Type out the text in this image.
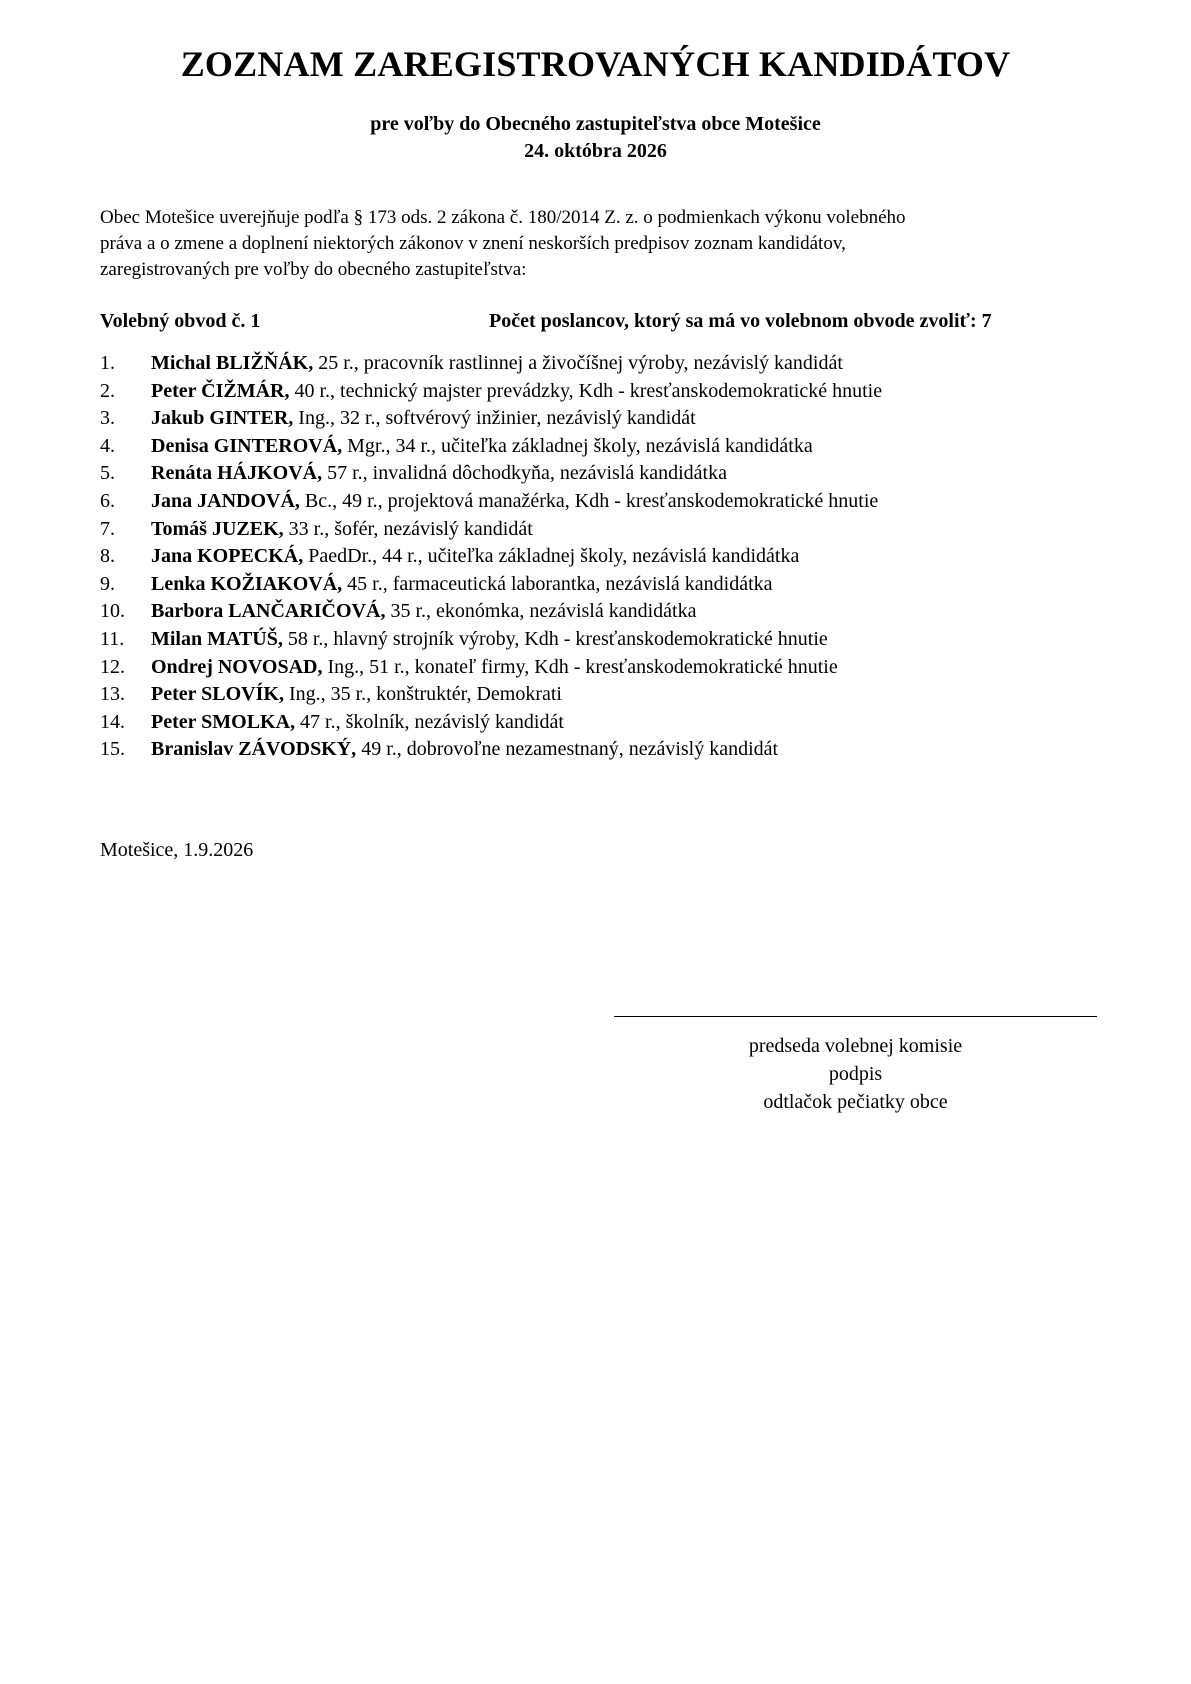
ZOZNAM ZAREGISTROVANÝCH KANDIDÁTOV
pre voľby do Obecného zastupiteľstva obce Motešice
24. októbra 2026
Obec Motešice uverejňuje podľa § 173 ods. 2 zákona č. 180/2014 Z. z. o podmienkach výkonu volebného
práva a o zmene a doplnení niektorých zákonov v znení neskorších predpisov zoznam kandidátov,
zaregistrovaných pre voľby do obecného zastupiteľstva:
Volebný obvod č. 1	Počet poslancov, ktorý sa má vo volebnom obvode zvoliť: 7
1. Michal BLIŽŇÁK, 25 r., pracovník rastlinnej a živočíšnej výroby, nezávislý kandidát
2. Peter ČIŽMÁR, 40 r., technický majster prevádzky, Kdh - kresťanskodemokratické hnutie
3. Jakub GINTER, Ing., 32 r., softvérový inžinier, nezávislý kandidát
4. Denisa GINTEROVÁ, Mgr., 34 r., učiteľka základnej školy, nezávislá kandidátka
5. Renáta HÁJKOVÁ, 57 r., invalidná dôchodkyňa, nezávislá kandidátka
6. Jana JANDOVÁ, Bc., 49 r., projektová manažérka, Kdh - kresťanskodemokratické hnutie
7. Tomáš JUZEK, 33 r., šofér, nezávislý kandidát
8. Jana KOPECKÁ, PaedDr., 44 r., učiteľka základnej školy, nezávislá kandidátka
9. Lenka KOŽIAKOVÁ, 45 r., farmaceutická laborantka, nezávislá kandidátka
10. Barbora LANČARIČOVÁ, 35 r., ekonómka, nezávislá kandidátka
11. Milan MATÚŠ, 58 r., hlavný strojník výroby, Kdh - kresťanskodemokratické hnutie
12. Ondrej NOVOSAD, Ing., 51 r., konateľ firmy, Kdh - kresťanskodemokratické hnutie
13. Peter SLOVÍK, Ing., 35 r., konštruktér, Demokrati
14. Peter SMOLKA, 47 r., školník, nezávislý kandidát
15. Branislav ZÁVODSKÝ, 49 r., dobrovoľne nezamestnaný, nezávislý kandidát
Motešice, 1.9.2026
predseda volebnej komisie
podpis
odtlačok pečiatky obce
